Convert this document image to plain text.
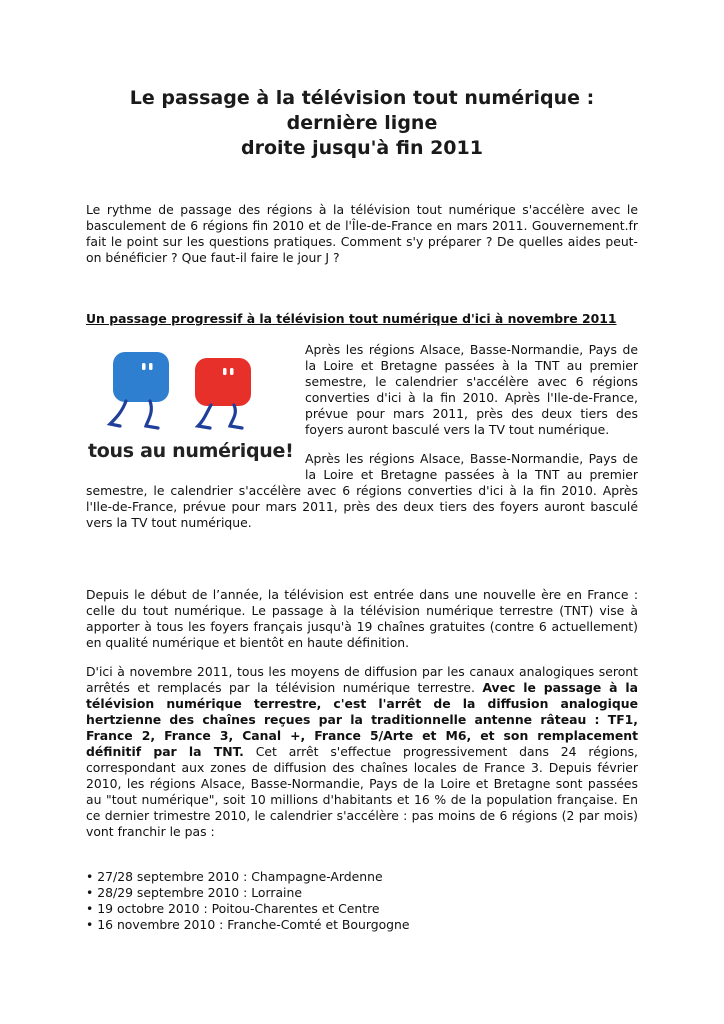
Le passage à la télévision tout numérique : dernière ligne
droite jusqu'à fin 2011

Le rythme de passage des régions à la télévision tout numérique s'accélère avec le basculement de 6 régions fin 2010 et de l'Île-de-France en mars 2011. Gouvernement.fr fait le point sur les questions pratiques. Comment s'y préparer ? De quelles aides peut-on bénéficier ? Que faut-il faire le jour J ?

Un passage progressif à la télévision tout numérique d'ici à novembre 2011
tous au numérique!

Après les régions Alsace, Basse-Normandie, Pays de la Loire et Bretagne passées à la TNT au premier semestre, le calendrier s'accélère avec 6 régions converties d'ici à la fin 2010. Après l'Ile-de-France, prévue pour mars 2011, près des deux tiers des foyers auront basculé vers la TV tout numérique.

Après les régions Alsace, Basse-Normandie, Pays de la Loire et Bretagne passées à la TNT au premier semestre, le calendrier s'accélère avec 6 régions converties d'ici à la fin 2010. Après l'Ile-de-France, prévue pour mars 2011, près des deux tiers des foyers auront basculé vers la TV tout numérique.

Depuis le début de l’année, la télévision est entrée dans une nouvelle ère en France : celle du tout numérique. Le passage à la télévision numérique terrestre (TNT) vise à apporter à tous les foyers français jusqu'à 19 chaînes gratuites (contre 6 actuellement) en qualité numérique et bientôt en haute définition.

D'ici à novembre 2011, tous les moyens de diffusion par les canaux analogiques seront arrêtés et remplacés par la télévision numérique terrestre. Avec le passage à la télévision numérique terrestre, c'est l'arrêt de la diffusion analogique hertzienne des chaînes reçues par la traditionnelle antenne râteau : TF1, France 2, France 3, Canal +, France 5/Arte et M6, et son remplacement définitif par la TNT. Cet arrêt s'effectue progressivement dans 24 régions, correspondant aux zones de diffusion des chaînes locales de France 3. Depuis février 2010, les régions Alsace, Basse-Normandie, Pays de la Loire et Bretagne sont passées au "tout numérique", soit 10 millions d'habitants et 16 % de la population française. En ce dernier trimestre 2010, le calendrier s'accélère : pas moins de 6 régions (2 par mois) vont franchir le pas :

• 27/28 septembre 2010 : Champagne-Ardenne
• 28/29 septembre 2010 : Lorraine
• 19 octobre 2010 : Poitou-Charentes et Centre
• 16 novembre 2010 : Franche-Comté et Bourgogne
